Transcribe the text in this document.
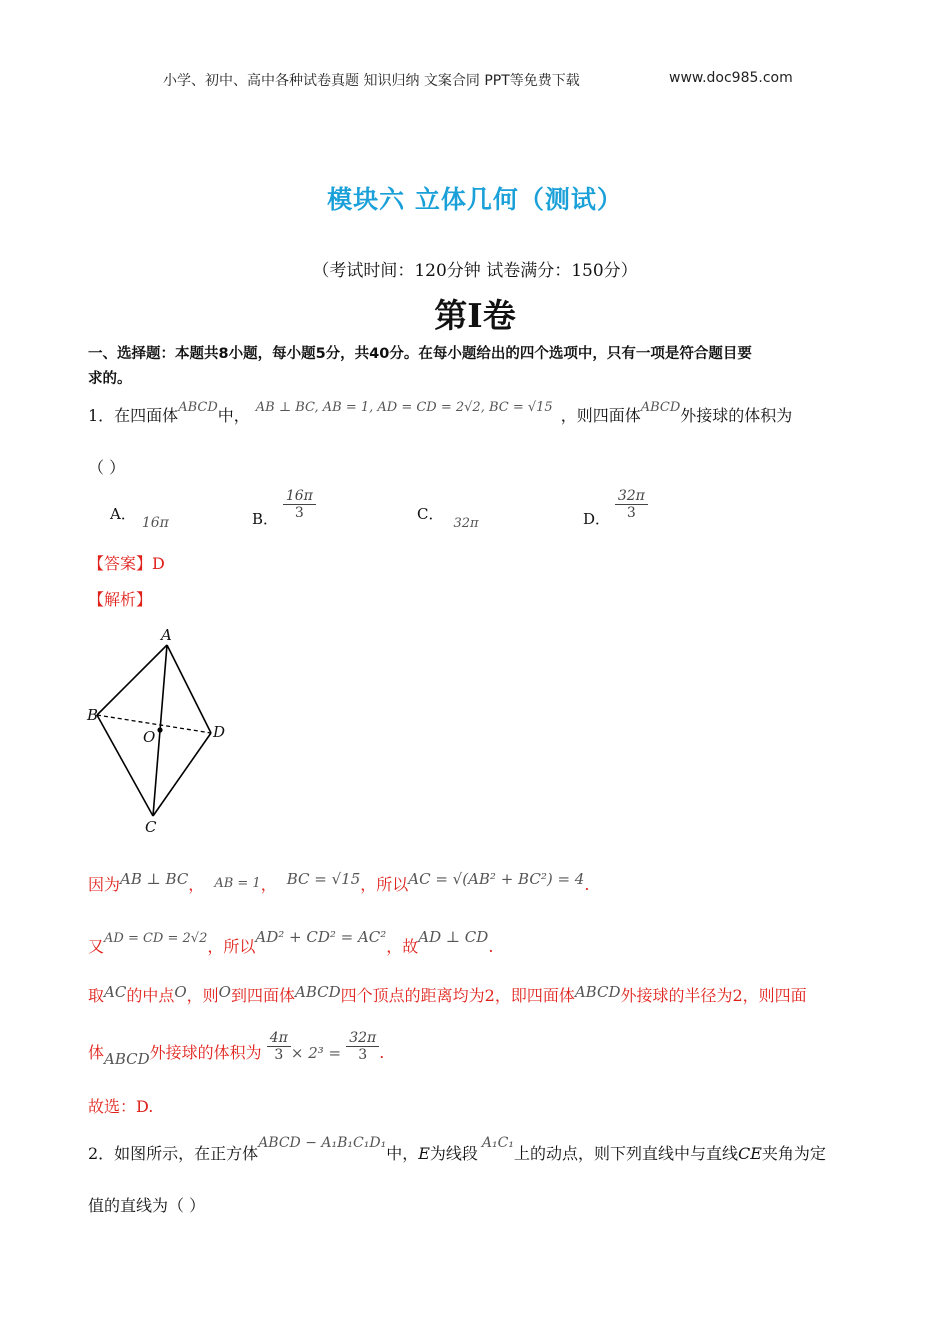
小学、初中、高中各种试卷真题 知识归纳 文案合同 PPT等免费下载	www.doc985.com
模块六 立体几何（测试）
（考试时间：120分钟 试卷满分：150分）
第Ⅰ卷
一、选择题：本题共8小题，每小题5分，共40分。在每小题给出的四个选项中，只有一项是符合题目要
求的。
1．在四面体$^{ABCD}$中， $^{AB \perp BC, AB = 1, AD = CD = 2√2, BC = √15}$ ，则四面体$^{ABCD}$外接球的体积为
（ ）
A． 16π	B． $\frac{16\pi}{3}$	C．32π	D． $\frac{32\pi}{3}$
【答案】D
【解析】
A
B
D
O
C
因为AB ⊥ BC， AB = 1， BC = √15，所以AC = √(AB² + BC²) = 4.
又$^{AD = CD = 2√2}$，所以AD² + CD² = AC²，故AD ⊥ CD.
取AC的中点O，则O到四面体ABCD四个顶点的距离均为2，即四面体ABCD外接球的半径为2，则四面
体ABCD外接球的体积为 $\frac{4\pi}{3} \times 2^3 = \frac{32\pi}{3}$ .
故选：D.
2．如图所示，在正方体ABCD − A₁B₁C₁D₁中，E为线段A₁C₁上的动点，则下列直线中与直线CE夹角为定
值的直线为（ ）
